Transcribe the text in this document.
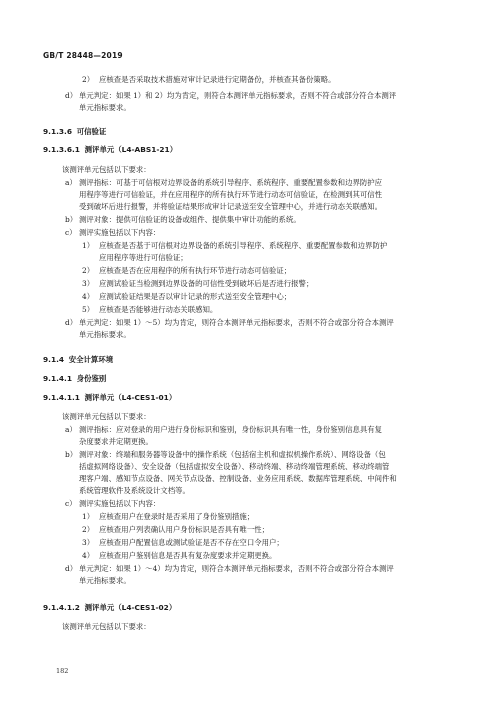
GB/T 28448—2019
2） 应核查是否采取技术措施对审计记录进行定期备份，并核查其备份策略。
d） 单元判定：如果 1）和 2）均为肯定，则符合本测评单元指标要求，否则不符合或部分符合本测评
单元指标要求。
9.1.3.6 可信验证
9.1.3.6.1 测评单元（L4-ABS1-21）
该测评单元包括以下要求：
a） 测评指标：可基于可信根对边界设备的系统引导程序、系统程序、重要配置参数和边界防护应
用程序等进行可信验证，并在应用程序的所有执行环节进行动态可信验证，在检测到其可信性
受到破坏后进行报警，并将验证结果形成审计记录送至安全管理中心，并进行动态关联感知。
b） 测评对象：提供可信验证的设备或组件、提供集中审计功能的系统。
c） 测评实施包括以下内容：
1） 应核查是否基于可信根对边界设备的系统引导程序、系统程序、重要配置参数和边界防护
应用程序等进行可信验证；
2） 应核查是否在应用程序的所有执行环节进行动态可信验证；
3） 应测试验证当检测到边界设备的可信性受到破坏后是否进行报警；
4） 应测试验证结果是否以审计记录的形式送至安全管理中心；
5） 应核查是否能够进行动态关联感知。
d） 单元判定：如果 1）～5）均为肯定，则符合本测评单元指标要求，否则不符合或部分符合本测评
单元指标要求。
9.1.4 安全计算环境
9.1.4.1 身份鉴别
9.1.4.1.1 测评单元（L4-CES1-01）
该测评单元包括以下要求：
a） 测评指标：应对登录的用户进行身份标识和鉴别，身份标识具有唯一性，身份鉴别信息具有复
杂度要求并定期更换。
b） 测评对象：终端和服务器等设备中的操作系统（包括宿主机和虚拟机操作系统）、网络设备（包
括虚拟网络设备）、安全设备（包括虚拟安全设备）、移动终端、移动终端管理系统、移动终端管
理客户端、感知节点设备、网关节点设备、控制设备、业务应用系统、数据库管理系统、中间件和
系统管理软件及系统设计文档等。
c） 测评实施包括以下内容：
1） 应核查用户在登录时是否采用了身份鉴别措施；
2） 应核查用户列表确认用户身份标识是否具有唯一性；
3） 应核查用户配置信息或测试验证是否不存在空口令用户；
4） 应核查用户鉴别信息是否具有复杂度要求并定期更换。
d） 单元判定：如果 1）～4）均为肯定，则符合本测评单元指标要求，否则不符合或部分符合本测评
单元指标要求。
9.1.4.1.2 测评单元（L4-CES1-02）
该测评单元包括以下要求：
182
